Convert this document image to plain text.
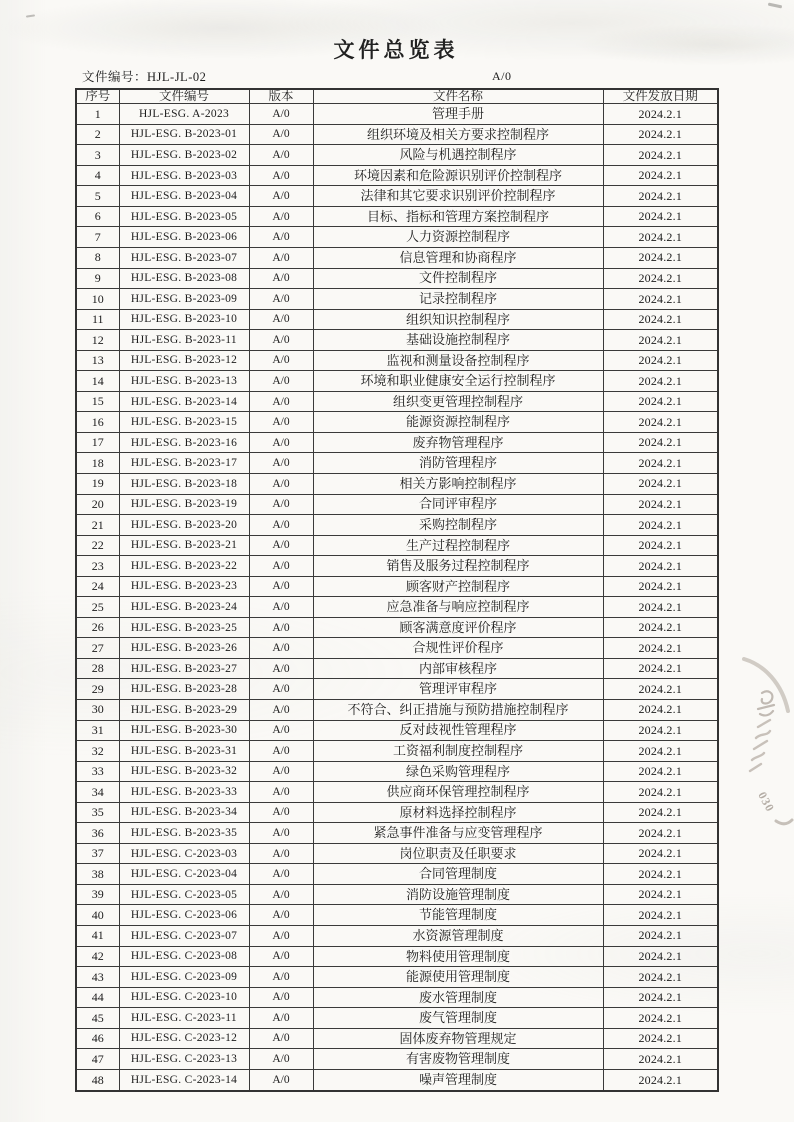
文件总览表
文件编号：HJL-JL-02	A/0
序号	文件编号	版本	文件名称	文件发放日期
1	HJL-ESG. A-2023	A/0	管理手册	2024.2.1
2	HJL-ESG. B-2023-01	A/0	组织环境及相关方要求控制程序	2024.2.1
3	HJL-ESG. B-2023-02	A/0	风险与机遇控制程序	2024.2.1
4	HJL-ESG. B-2023-03	A/0	环境因素和危险源识别评价控制程序	2024.2.1
5	HJL-ESG. B-2023-04	A/0	法律和其它要求识别评价控制程序	2024.2.1
6	HJL-ESG. B-2023-05	A/0	目标、指标和管理方案控制程序	2024.2.1
7	HJL-ESG. B-2023-06	A/0	人力资源控制程序	2024.2.1
8	HJL-ESG. B-2023-07	A/0	信息管理和协商程序	2024.2.1
9	HJL-ESG. B-2023-08	A/0	文件控制程序	2024.2.1
10	HJL-ESG. B-2023-09	A/0	记录控制程序	2024.2.1
11	HJL-ESG. B-2023-10	A/0	组织知识控制程序	2024.2.1
12	HJL-ESG. B-2023-11	A/0	基础设施控制程序	2024.2.1
13	HJL-ESG. B-2023-12	A/0	监视和测量设备控制程序	2024.2.1
14	HJL-ESG. B-2023-13	A/0	环境和职业健康安全运行控制程序	2024.2.1
15	HJL-ESG. B-2023-14	A/0	组织变更管理控制程序	2024.2.1
16	HJL-ESG. B-2023-15	A/0	能源资源控制程序	2024.2.1
17	HJL-ESG. B-2023-16	A/0	废弃物管理程序	2024.2.1
18	HJL-ESG. B-2023-17	A/0	消防管理程序	2024.2.1
19	HJL-ESG. B-2023-18	A/0	相关方影响控制程序	2024.2.1
20	HJL-ESG. B-2023-19	A/0	合同评审程序	2024.2.1
21	HJL-ESG. B-2023-20	A/0	采购控制程序	2024.2.1
22	HJL-ESG. B-2023-21	A/0	生产过程控制程序	2024.2.1
23	HJL-ESG. B-2023-22	A/0	销售及服务过程控制程序	2024.2.1
24	HJL-ESG. B-2023-23	A/0	顾客财产控制程序	2024.2.1
25	HJL-ESG. B-2023-24	A/0	应急准备与响应控制程序	2024.2.1
26	HJL-ESG. B-2023-25	A/0	顾客满意度评价程序	2024.2.1
27	HJL-ESG. B-2023-26	A/0	合规性评价程序	2024.2.1
28	HJL-ESG. B-2023-27	A/0	内部审核程序	2024.2.1
29	HJL-ESG. B-2023-28	A/0	管理评审程序	2024.2.1
30	HJL-ESG. B-2023-29	A/0	不符合、纠正措施与预防措施控制程序	2024.2.1
31	HJL-ESG. B-2023-30	A/0	反对歧视性管理程序	2024.2.1
32	HJL-ESG. B-2023-31	A/0	工资福利制度控制程序	2024.2.1
33	HJL-ESG. B-2023-32	A/0	绿色采购管理程序	2024.2.1
34	HJL-ESG. B-2023-33	A/0	供应商环保管理控制程序	2024.2.1
35	HJL-ESG. B-2023-34	A/0	原材料选择控制程序	2024.2.1
36	HJL-ESG. B-2023-35	A/0	紧急事件准备与应变管理程序	2024.2.1
37	HJL-ESG. C-2023-03	A/0	岗位职责及任职要求	2024.2.1
38	HJL-ESG. C-2023-04	A/0	合同管理制度	2024.2.1
39	HJL-ESG. C-2023-05	A/0	消防设施管理制度	2024.2.1
40	HJL-ESG. C-2023-06	A/0	节能管理制度	2024.2.1
41	HJL-ESG. C-2023-07	A/0	水资源管理制度	2024.2.1
42	HJL-ESG. C-2023-08	A/0	物料使用管理制度	2024.2.1
43	HJL-ESG. C-2023-09	A/0	能源使用管理制度	2024.2.1
44	HJL-ESG. C-2023-10	A/0	废水管理制度	2024.2.1
45	HJL-ESG. C-2023-11	A/0	废气管理制度	2024.2.1
46	HJL-ESG. C-2023-12	A/0	固体废弃物管理规定	2024.2.1
47	HJL-ESG. C-2023-13	A/0	有害废物管理制度	2024.2.1
48	HJL-ESG. C-2023-14	A/0	噪声管理制度	2024.2.1
030
